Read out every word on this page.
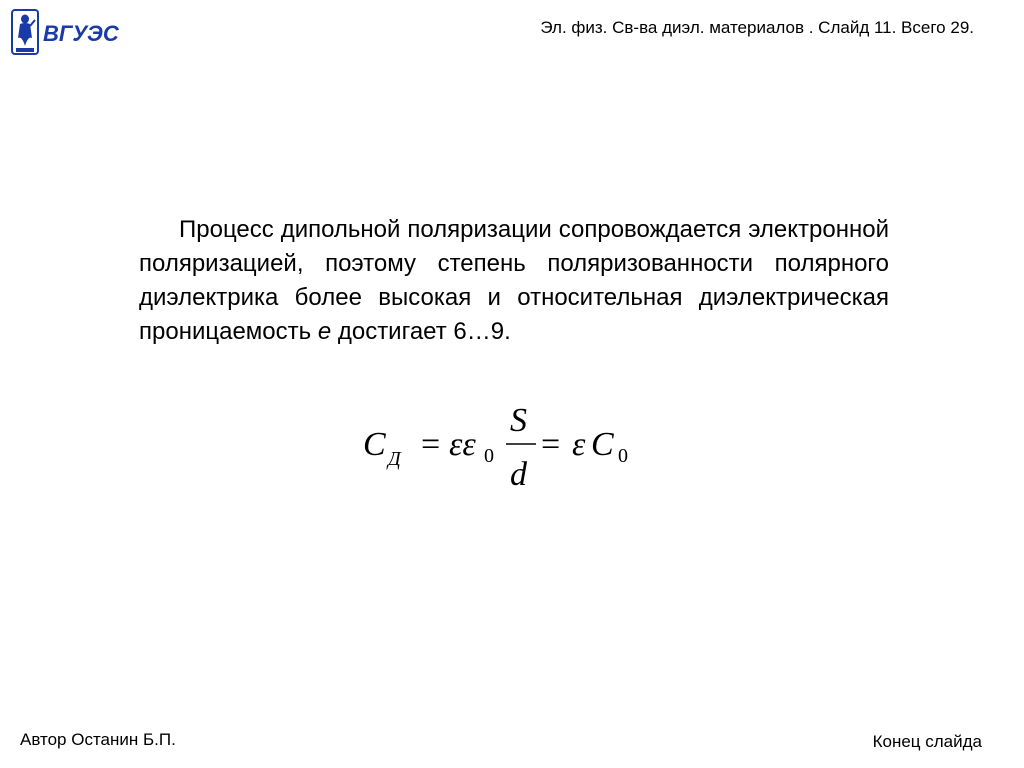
ВГУЭС	Эл. физ. Св-ва диэл. материалов . Слайд 11. Всего 29.

Процесс дипольной поляризации сопровождается электронной поляризацией, поэтому степень поляризованности полярного диэлектрика более высокая и относительная диэлектрическая проницаемость e достигает 6…9.

C Д = εε 0
S
d
= ε C 0
Автор Останин Б.П.	Конец слайда
